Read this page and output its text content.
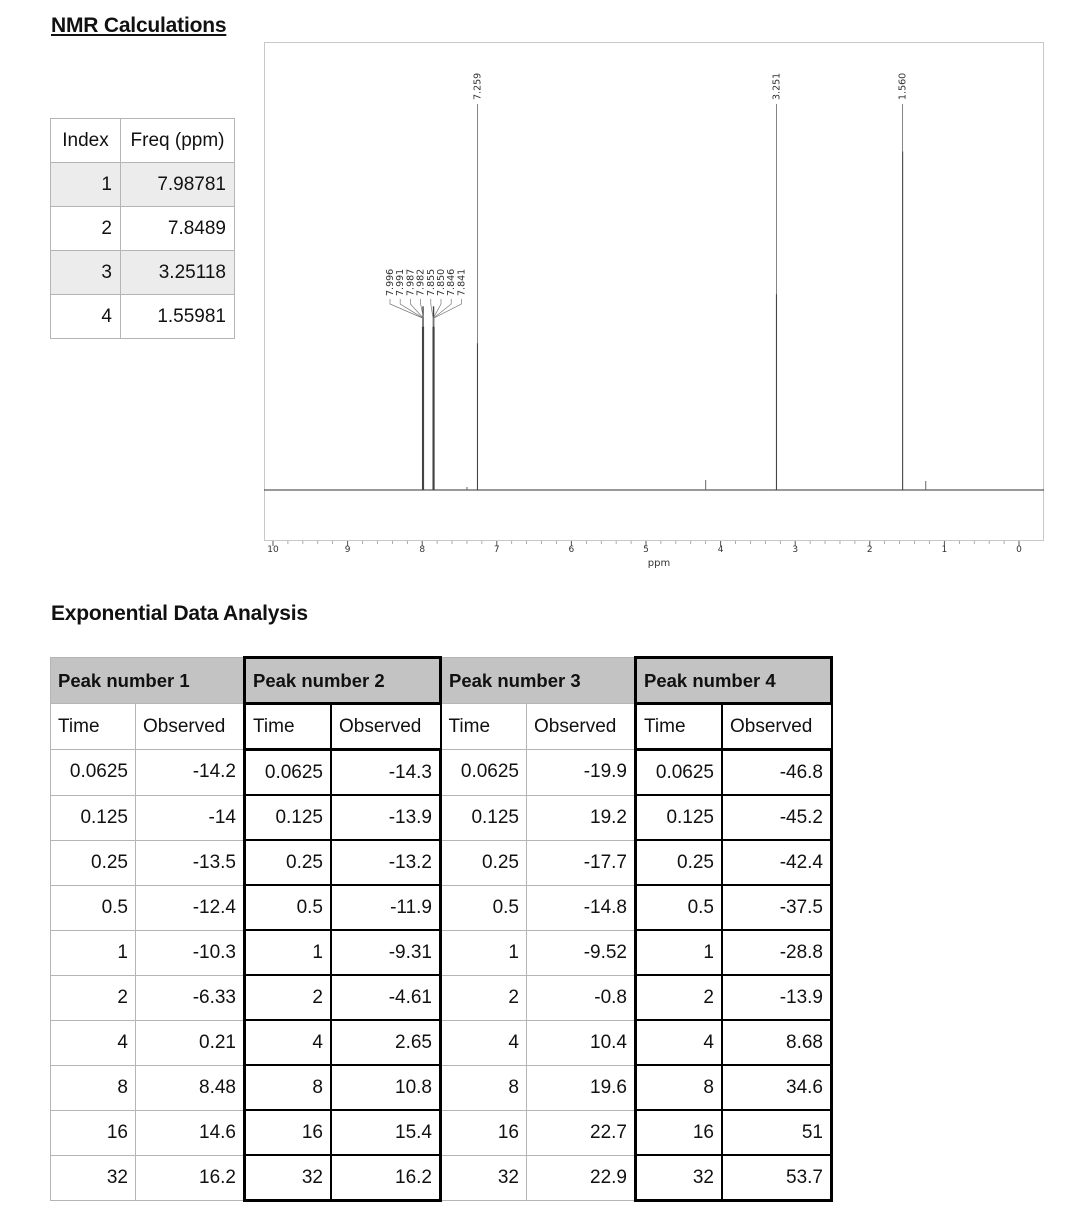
NMR Calculations
Index	Freq (ppm)
1	7.98781
2	7.8489
3	3.25118
4	1.55981
10	9	8	7	6	5	4	3	2	1	0
7.259	3.251	1.560
7.996 7.991 7.987 7.982 7.855 7.850 7.846 7.841
ppm
Exponential Data Analysis
Peak number 1		Peak number 2		Peak number 3		Peak number 4	
Time	Observed	Time	Observed	Time	Observed	Time	Observed
0.0625	-14.2	0.0625	-14.3	0.0625	-19.9	0.0625	-46.8
0.125	-14	0.125	-13.9	0.125	19.2	0.125	-45.2
0.25	-13.5	0.25	-13.2	0.25	-17.7	0.25	-42.4
0.5	-12.4	0.5	-11.9	0.5	-14.8	0.5	-37.5
1	-10.3	1	-9.31	1	-9.52	1	-28.8
2	-6.33	2	-4.61	2	-0.8	2	-13.9
4	0.21	4	2.65	4	10.4	4	8.68
8	8.48	8	10.8	8	19.6	8	34.6
16	14.6	16	15.4	16	22.7	16	51
32	16.2	32	16.2	32	22.9	32	53.7
